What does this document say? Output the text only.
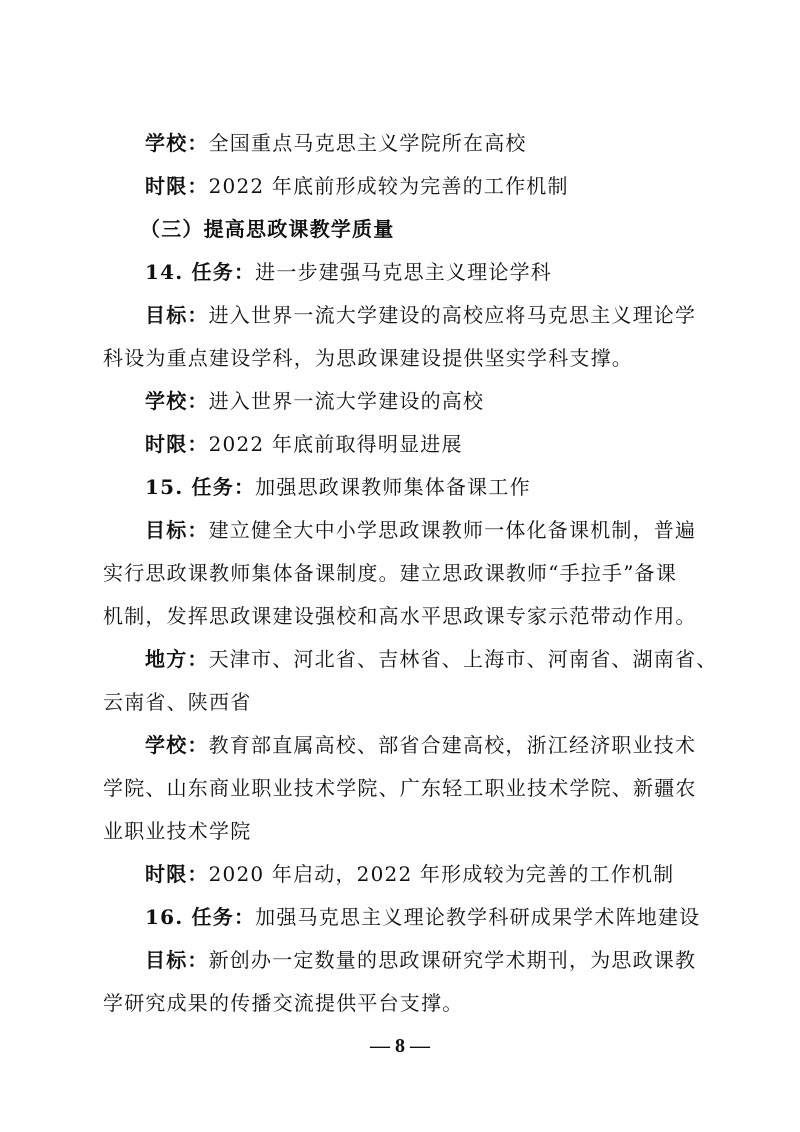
学校：全国重点马克思主义学院所在高校
时限：2022 年底前形成较为完善的工作机制
（三）提高思政课教学质量
14. 任务：进一步建强马克思主义理论学科
目标：进入世界一流大学建设的高校应将马克思主义理论学
科设为重点建设学科，为思政课建设提供坚实学科支撑。
学校：进入世界一流大学建设的高校
时限：2022 年底前取得明显进展
15. 任务：加强思政课教师集体备课工作
目标：建立健全大中小学思政课教师一体化备课机制，普遍
实行思政课教师集体备课制度。建立思政课教师“手拉手”备课
机制，发挥思政课建设强校和高水平思政课专家示范带动作用。
地方：天津市、河北省、吉林省、上海市、河南省、湖南省、
云南省、陕西省
学校：教育部直属高校、部省合建高校，浙江经济职业技术
学院、山东商业职业技术学院、广东轻工职业技术学院、新疆农
业职业技术学院
时限：2020 年启动，2022 年形成较为完善的工作机制
16. 任务：加强马克思主义理论教学科研成果学术阵地建设
目标：新创办一定数量的思政课研究学术期刊，为思政课教
学研究成果的传播交流提供平台支撑。
— 8 —
